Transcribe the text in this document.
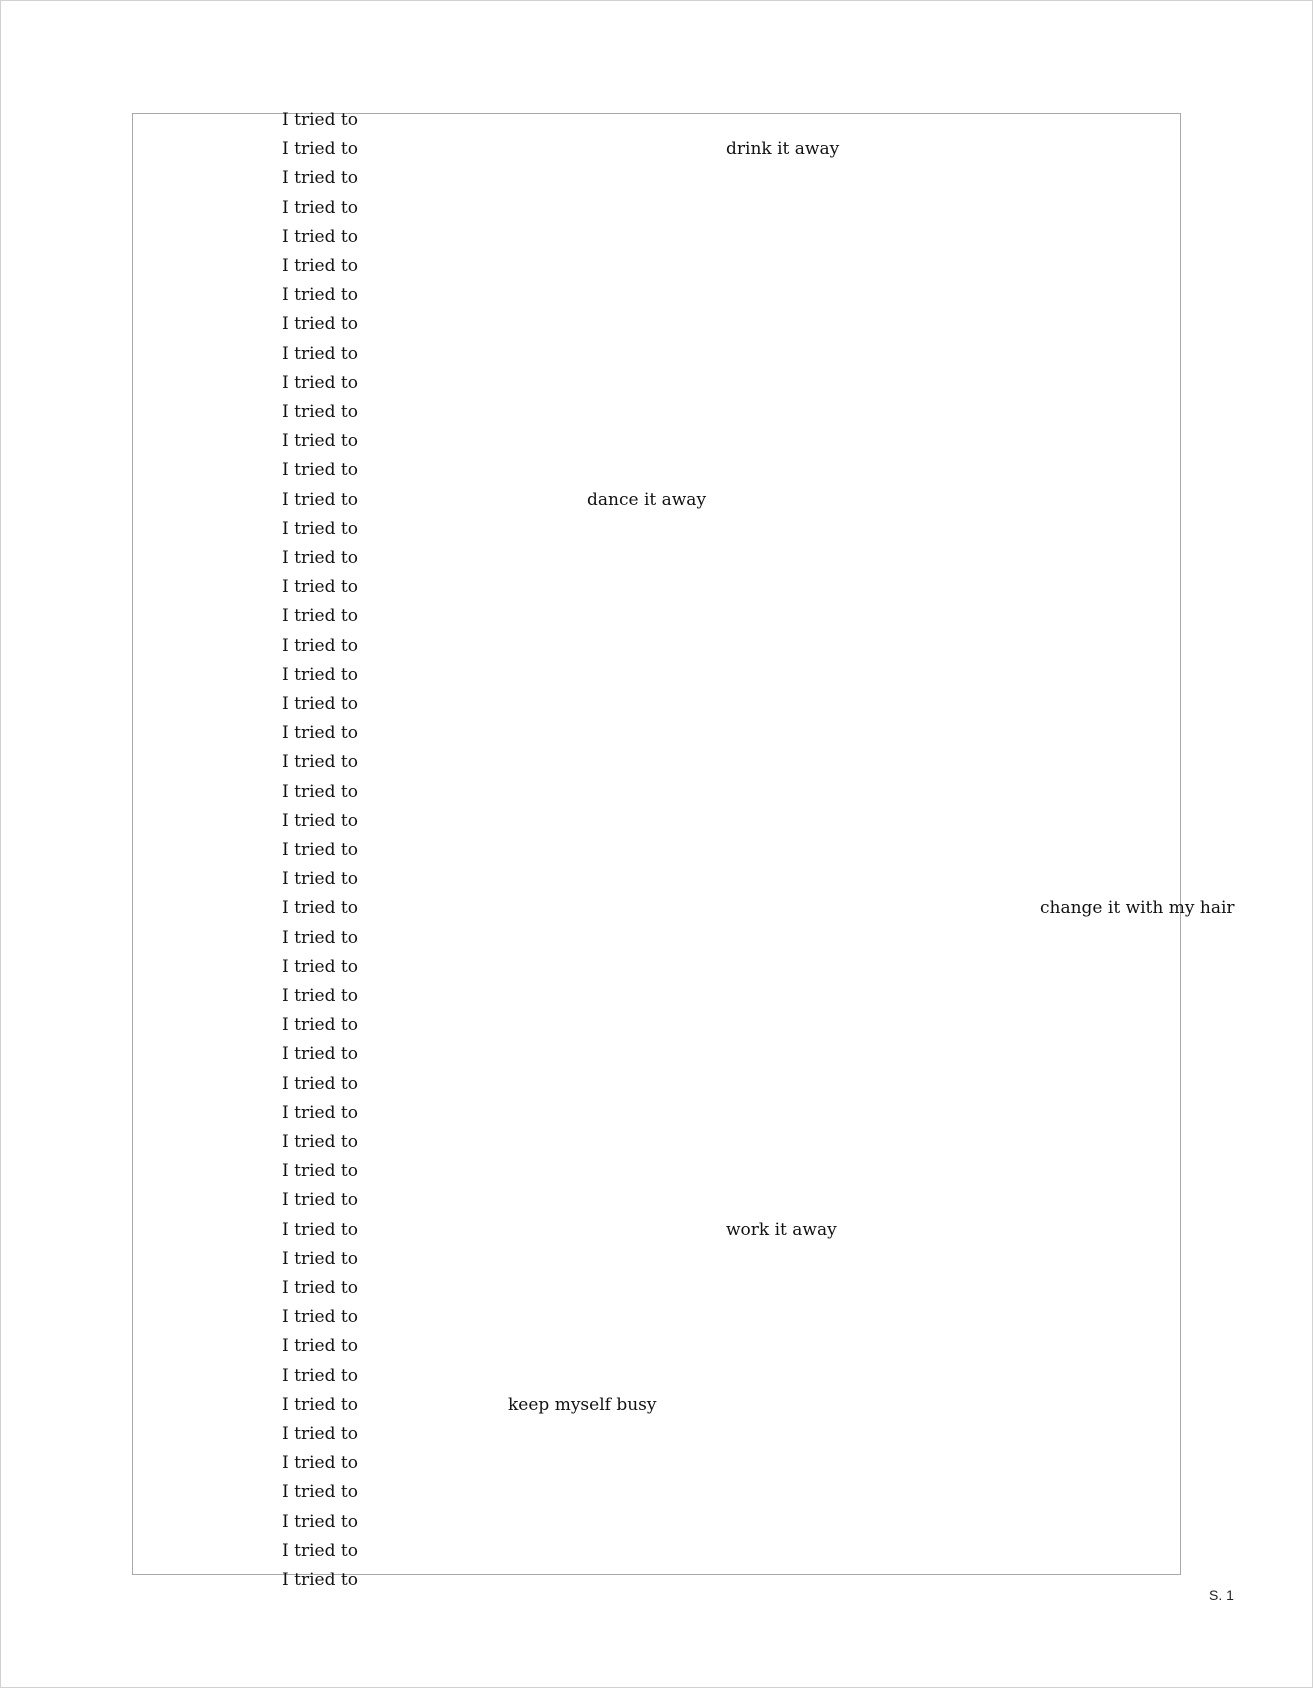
I tried to
I tried to	drink it away
I tried to
I tried to
I tried to
I tried to
I tried to
I tried to
I tried to
I tried to
I tried to
I tried to
I tried to
I tried to	dance it away
I tried to
I tried to
I tried to
I tried to
I tried to
I tried to
I tried to
I tried to
I tried to
I tried to
I tried to
I tried to
I tried to
I tried to	change it with my hair
I tried to
I tried to
I tried to
I tried to
I tried to
I tried to
I tried to
I tried to
I tried to
I tried to
I tried to	work it away
I tried to
I tried to
I tried to
I tried to
I tried to
I tried to	keep myself busy
I tried to
I tried to
I tried to
I tried to
I tried to
I tried to
S. 1
